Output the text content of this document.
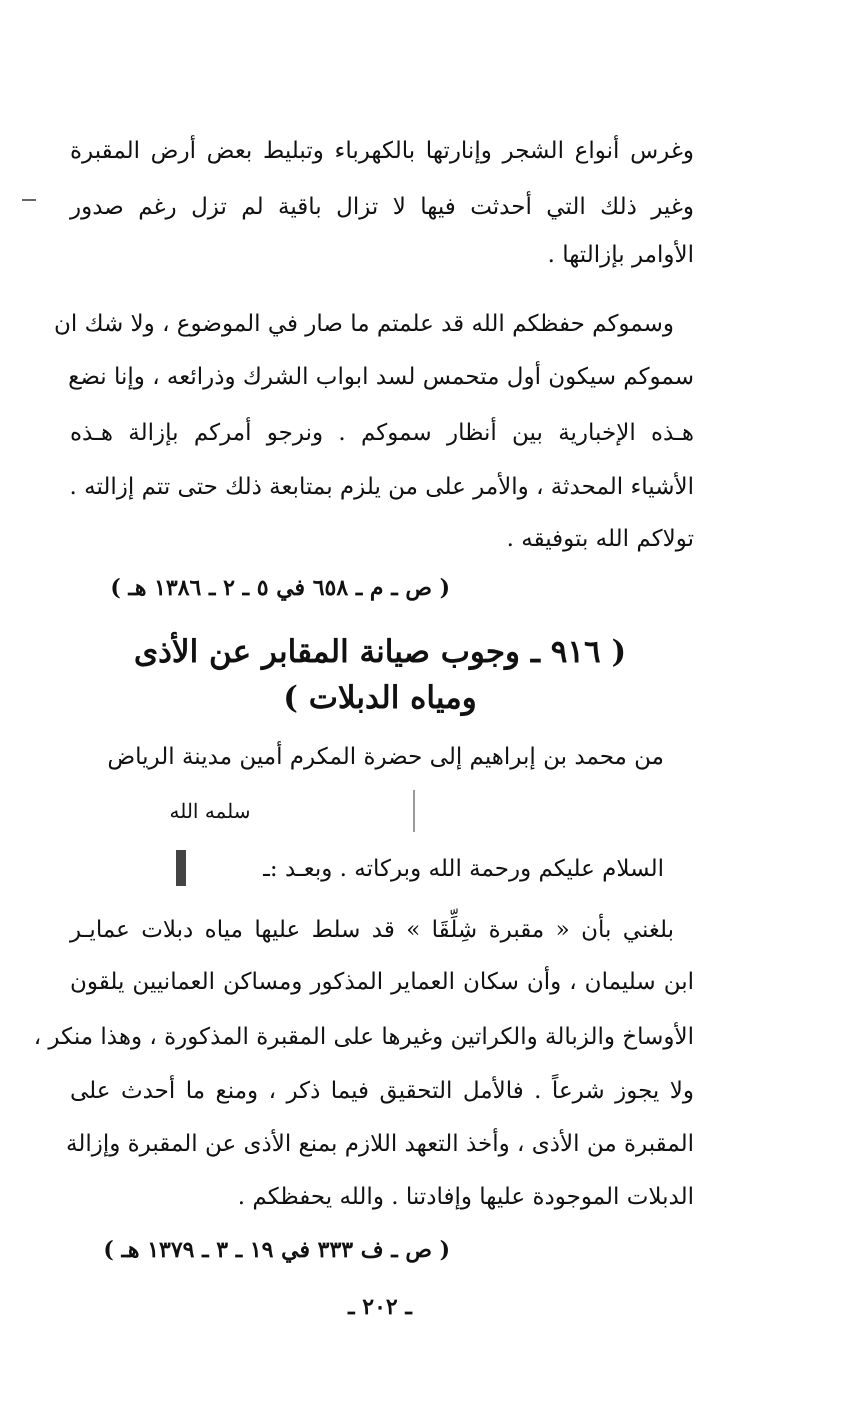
وغرس أنواع الشجر وإنارتها بالكهرباء وتبليط بعض أرض المقبرة
وغير ذلك التي أحدثت فيها لا تزال باقية لم تزل رغم صدور
الأوامر بإزالتها .
وسموكم حفظكم الله قد علمتم ما صار في الموضوع ، ولا شك ان
سموكم سيكون أول متحمس لسد ابواب الشرك وذرائعه ، وإنا نضع
هـذه الإخبارية بين أنظار سموكم . ونرجو أمركم بإزالة هـذه
الأشياء المحدثة ، والأمر على من يلزم بمتابعة ذلك حتى تتم إزالته .
تولاكم الله بتوفيقه .
( ص ـ م ـ ٦٥٨ في ٥ ـ ٢ ـ ١٣٨٦ هـ )
( ٩١٦ ـ وجوب صيانة المقابر عن الأذى
ومياه الدبلات )
من محمد بن إبراهيم إلى حضرة المكرم أمين مدينة الرياض
سلمه الله
السلام عليكم ورحمة الله وبركاته . وبعـد :ـ
بلغني بأن « مقبرة شِلِّقَا » قد سلط عليها مياه دبلات عمايـر
ابن سليمان ، وأن سكان العماير المذكور ومساكن العمانيين يلقون
الأوساخ والزبالة والكراتين وغيرها على المقبرة المذكورة ، وهذا منكر ،
ولا يجوز شرعاً . فالأمل التحقيق فيما ذكر ، ومنع ما أحدث على
المقبرة من الأذى ، وأخذ التعهد اللازم بمنع الأذى عن المقبرة وإزالة
الدبلات الموجودة عليها وإفادتنا . والله يحفظكم .
( ص ـ ف ٣٣٣ في ١٩ ـ ٣ ـ ١٣٧٩ هـ )
ـ ٢٠٢ ـ
